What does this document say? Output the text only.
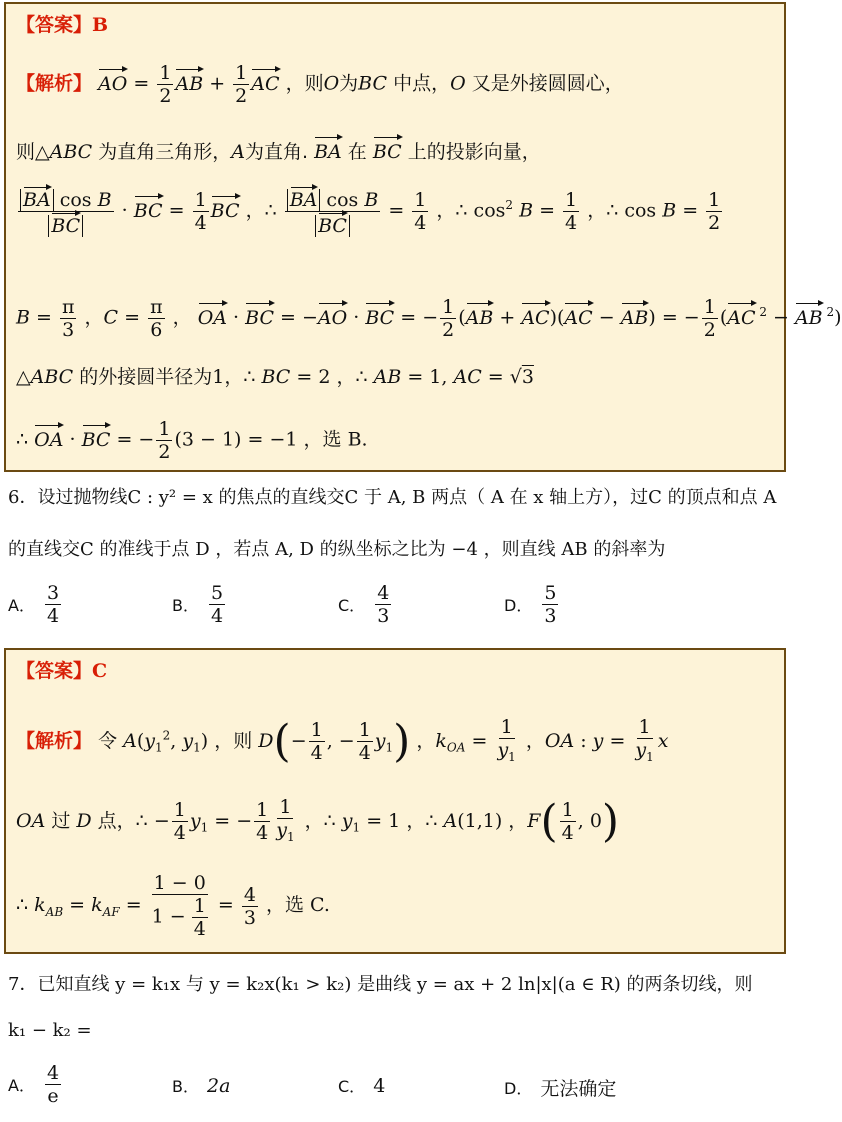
【答案】B
【解析】 AO = $\frac{1}{2}$ AB + $\frac{1}{2}$ AC ，则O为BC 中点，O 又是外接圆圆心，
则△ABC 为直角三角形，A为直角. BA 在 BC 上的投影向量，
$\frac{\text{BA cos B}}{BC}$ · BC = $\frac{1}{4}$ BC ，∴ $\frac{\text{BA cos B}}{BC} = \frac{1}{4}$ ，∴ $\cos^2 B = \frac{1}{4}$ ，∴ $\cos B = \frac{1}{2}$
$B = \frac{\pi}{3}$ ，$C = \frac{\pi}{6}$ ， OA · BC = −AO · BC = − $\frac{1}{2} (AB + AC)(AC - AB)$ = − $\frac{1}{2} (AC$ $^2$ − AB $^2$)
△ABC 的外接圆半径为1，∴ BC = 2 ，∴ AB = 1, AC = √3
∴ OA · BC = − $\frac{1}{2} (3 - 1) = -1$ ，选 B.
6．设过抛物线C : y² = x 的焦点的直线交C 于 A, B 两点（ A 在 x 轴上方），过C 的顶点和点 A
的直线交C 的准线于点 D ，若点 A, D 的纵坐标之比为 −4 ，则直线 AB 的斜率为
A． $\frac{3}{4}$	B． $\frac{5}{4}$	C． $\frac{4}{3}$	D． $\frac{5}{3}$
【答案】C
【解析】 令 $A(y_1^2$, $y_1$) ，则 $D(- \frac{1}{4}$ , − $\frac{1}{4} y_1$) ，$k_{OA} = \frac{1}{y_1}$ ，OA : $y = \frac{1}{y_1}$ x
OA 过 D 点，∴ − $\frac{1}{4} y_1$ = − $\frac{1}{4} \frac{1}{y_1}$ ，∴ $y_1 = 1$ ，∴ A(1,1) ，$F( \frac{1}{4}$ , 0)
∴ $k_{AB} = k_{AF} = \frac{1 - 0}{1 - \frac{1}{4}} = \frac{4}{3}$ ，选 C.
7．已知直线 y = k₁x 与 y = k₂x(k₁ > k₂) 是曲线 y = ax + 2 ln|x|(a ∈ R) 的两条切线，则
k₁ − k₂ =
A． $\frac{4}{e}$	B． 2a	C． 4	D． 无法确定
